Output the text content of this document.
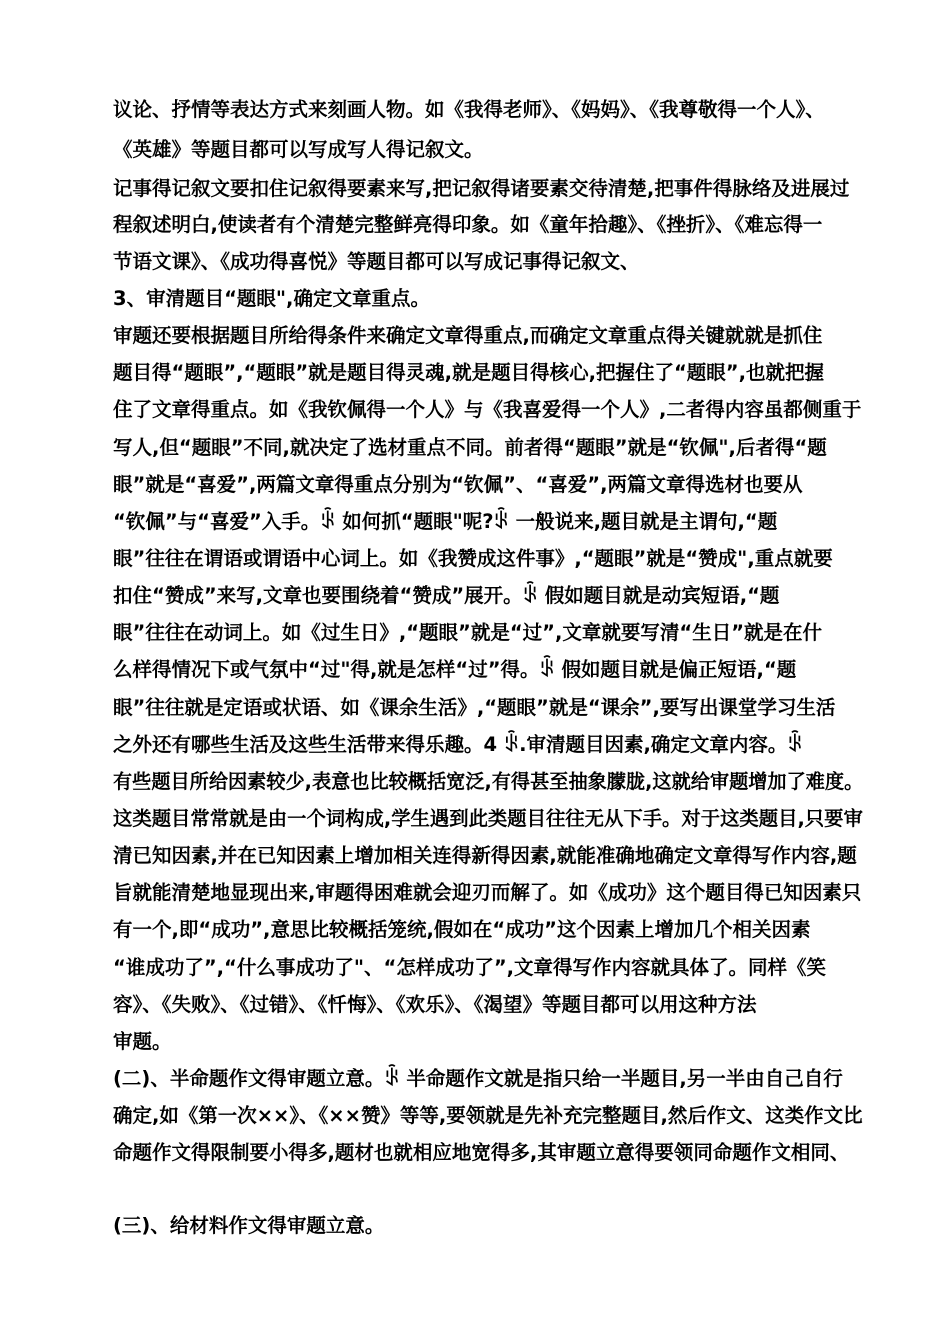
议论、抒情等表达方式来刻画人物。如《我得老师》、《妈妈》、《我尊敬得一个人》、
《英雄》等题目都可以写成写人得记叙文。
记事得记叙文要扣住记叙得要素来写,把记叙得诸要素交待清楚,把事件得脉络及进展过
程叙述明白,使读者有个清楚完整鲜亮得印象。如《童年拾趣》、《挫折》、《难忘得一
节语文课》、《成功得喜悦》等题目都可以写成记事得记叙文、
3、审清题目“题眼",确定文章重点。
审题还要根据题目所给得条件来确定文章得重点,而确定文章重点得关键就就是抓住
题目得“题眼”,“题眼”就是题目得灵魂,就是题目得核心,把握住了“题眼”,也就把握
住了文章得重点。如《我钦佩得一个人》与《我喜爱得一个人》,二者得内容虽都侧重于
写人,但“题眼”不同,就决定了选材重点不同。前者得“题眼”就是“钦佩",后者得“题
眼”就是“喜爱”,两篇文章得重点分别为“钦佩”、“喜爱”,两篇文章得选材也要从
“钦佩”与“喜爱”入手。ꂩ 如何抓“题眼"呢?ꂩ 一般说来,题目就是主谓句,“题
眼”往往在谓语或谓语中心词上。如《我赞成这件事》,“题眼”就是“赞成",重点就要
扣住“赞成”来写,文章也要围绕着“赞成”展开。ꂩ 假如题目就是动宾短语,“题
眼”往往在动词上。如《过生日》,“题眼”就是“过”,文章就要写清“生日”就是在什
么样得情况下或气氛中“过"得,就是怎样“过”得。ꂩ 假如题目就是偏正短语,“题
眼”往往就是定语或状语、如《课余生活》,“题眼”就是“课余”,要写出课堂学习生活
之外还有哪些生活及这些生活带来得乐趣。4 ꂩ.审清题目因素,确定文章内容。ꂩ
有些题目所给因素较少,表意也比较概括宽泛,有得甚至抽象朦胧,这就给审题增加了难度。
这类题目常常就是由一个词构成,学生遇到此类题目往往无从下手。对于这类题目,只要审
清已知因素,并在已知因素上增加相关连得新得因素,就能准确地确定文章得写作内容,题
旨就能清楚地显现出来,审题得困难就会迎刃而解了。如《成功》这个题目得已知因素只
有一个,即“成功”,意思比较概括笼统,假如在“成功”这个因素上增加几个相关因素
“谁成功了”,“什么事成功了"、“怎样成功了”,文章得写作内容就具体了。同样《笑
容》、《失败》、《过错》、《忏悔》、《欢乐》、《渴望》等题目都可以用这种方法
审题。
(二)、半命题作文得审题立意。ꂩ 半命题作文就是指只给一半题目,另一半由自己自行
确定,如《第一次××》、《××赞》等等,要领就是先补充完整题目,然后作文、这类作文比
命题作文得限制要小得多,题材也就相应地宽得多,其审题立意得要领同命题作文相同、
(三)、给材料作文得审题立意。
